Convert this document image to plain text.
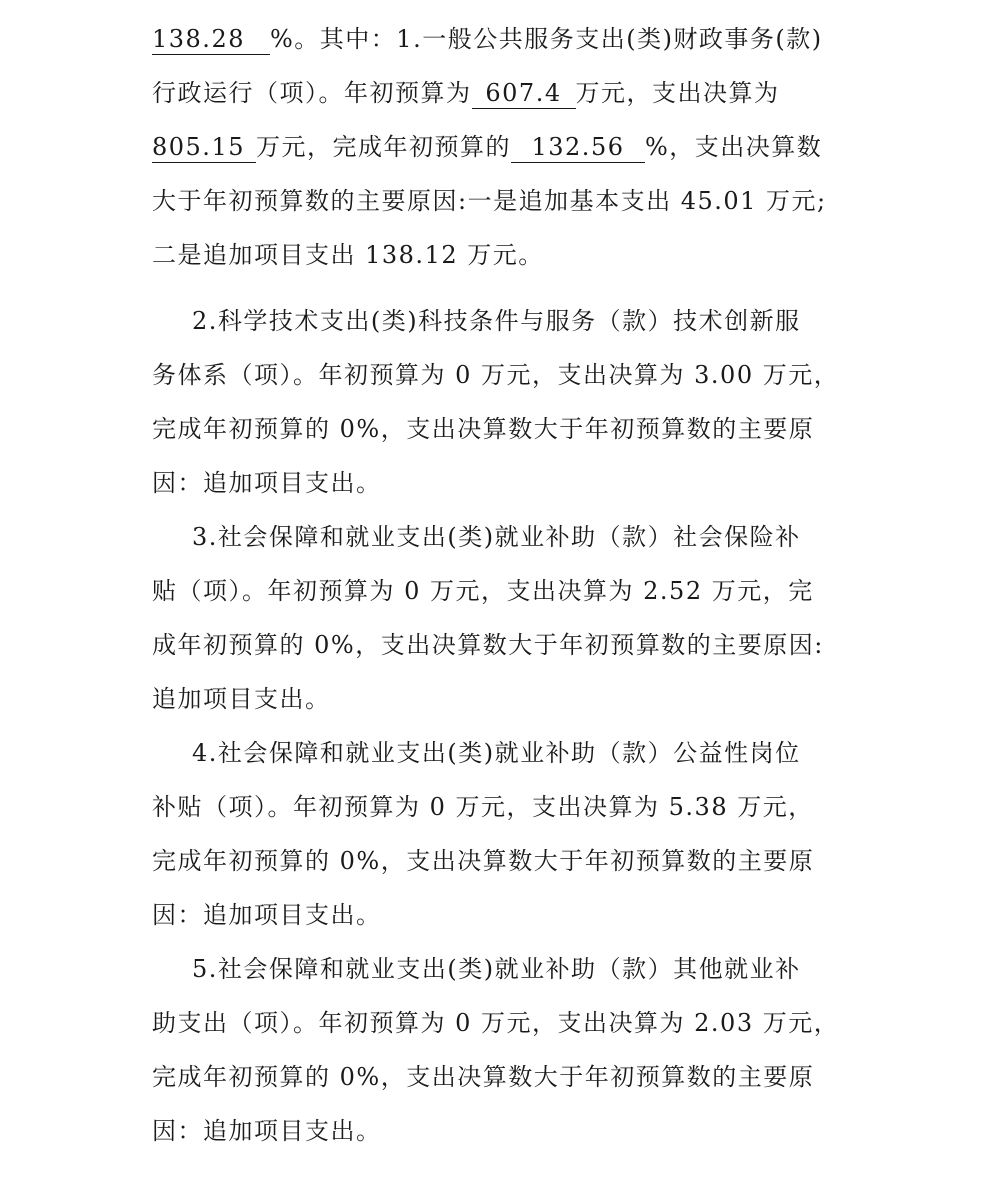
138.28 %。其中：1.一般公共服务支出(类)财政事务(款)
行政运行（项）。年初预算为 607.4 万元，支出决算为
805.15 万元，完成年初预算的 132.56 %，支出决算数
大于年初预算数的主要原因:一是追加基本支出 45.01 万元;
二是追加项目支出 138.12 万元。
2.科学技术支出(类)科技条件与服务（款）技术创新服
务体系（项）。年初预算为 0 万元，支出决算为 3.00 万元，
完成年初预算的 0%，支出决算数大于年初预算数的主要原
因：追加项目支出。
3.社会保障和就业支出(类)就业补助（款）社会保险补
贴（项）。年初预算为 0 万元，支出决算为 2.52 万元，完
成年初预算的 0%，支出决算数大于年初预算数的主要原因:
追加项目支出。
4.社会保障和就业支出(类)就业补助（款）公益性岗位
补贴（项）。年初预算为 0 万元，支出决算为 5.38 万元，
完成年初预算的 0%，支出决算数大于年初预算数的主要原
因：追加项目支出。
5.社会保障和就业支出(类)就业补助（款）其他就业补
助支出（项）。年初预算为 0 万元，支出决算为 2.03 万元，
完成年初预算的 0%，支出决算数大于年初预算数的主要原
因：追加项目支出。
